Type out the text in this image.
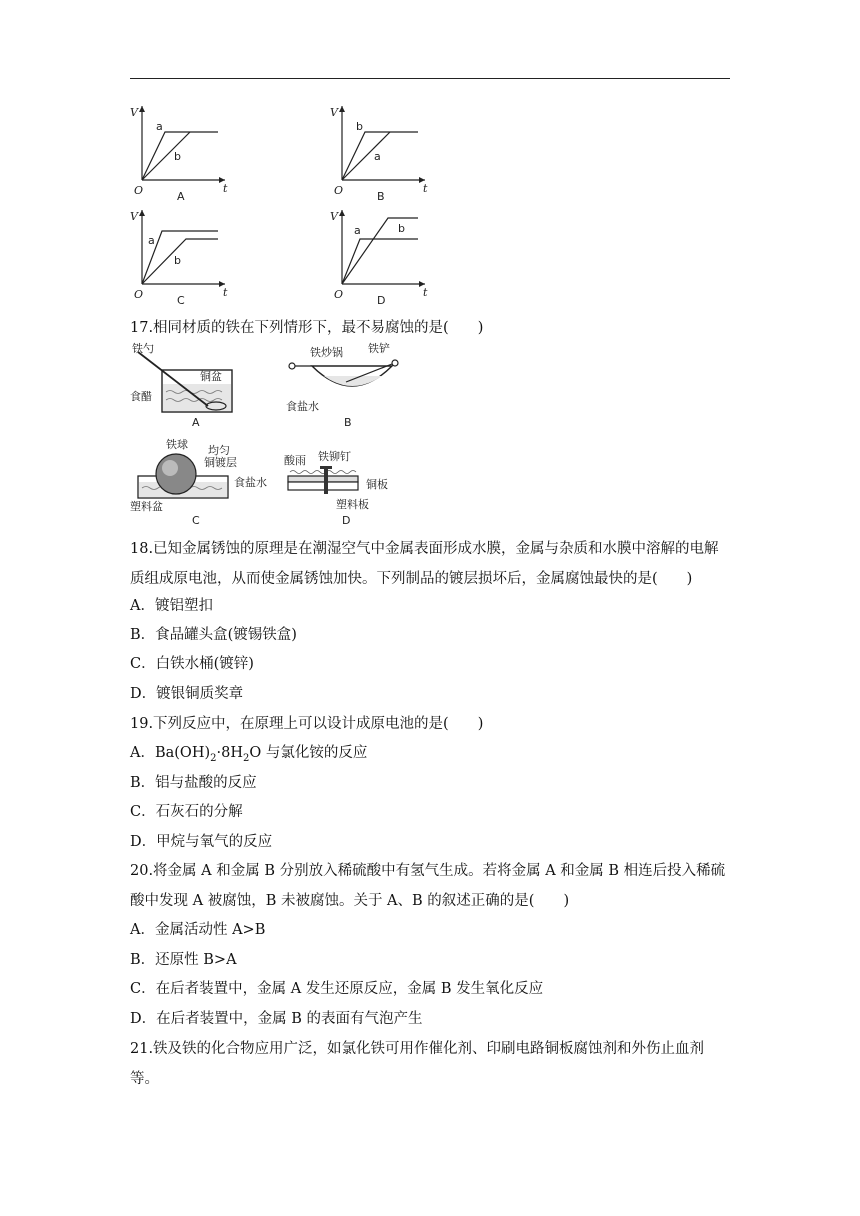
V
t
O
a
b
A
V
t
O
b
a
B
V
t
O
a
b
C
V
t
O
b
a
D
17.相同材质的铁在下列情形下，最不易腐蚀的是(　　)
铁勺
铜盆
食醋
A
铁炒锅 铁铲
食盐水
B
铁球 均匀
铜镀层
食盐水
塑料盆
C
酸雨 铁铆钉
铜板
塑料板
D
18.已知金属锈蚀的原理是在潮湿空气中金属表面形成水膜，金属与杂质和水膜中溶解的电解质组成原电池，从而使金属锈蚀加快。下列制品的镀层损坏后，金属腐蚀最快的是(　　)
A．镀铝塑扣
B．食品罐头盒(镀锡铁盒)
C．白铁水桶(镀锌)
D．镀银铜质奖章
19.下列反应中，在原理上可以设计成原电池的是(　　)
A．$Ba(OH)_2\cdot 8H_2O$ 与氯化铵的反应
B．铝与盐酸的反应
C．石灰石的分解
D．甲烷与氧气的反应
20.将金属 A 和金属 B 分别放入稀硫酸中有氢气生成。若将金属 A 和金属 B 相连后投入稀硫酸中发现 A 被腐蚀，B 未被腐蚀。关于 A、B 的叙述正确的是(　　)
A．金属活动性 A>B
B．还原性 B>A
C．在后者装置中，金属 A 发生还原反应，金属 B 发生氧化反应
D．在后者装置中，金属 B 的表面有气泡产生
21.铁及铁的化合物应用广泛，如氯化铁可用作催化剂、印刷电路铜板腐蚀剂和外伤止血剂等。
